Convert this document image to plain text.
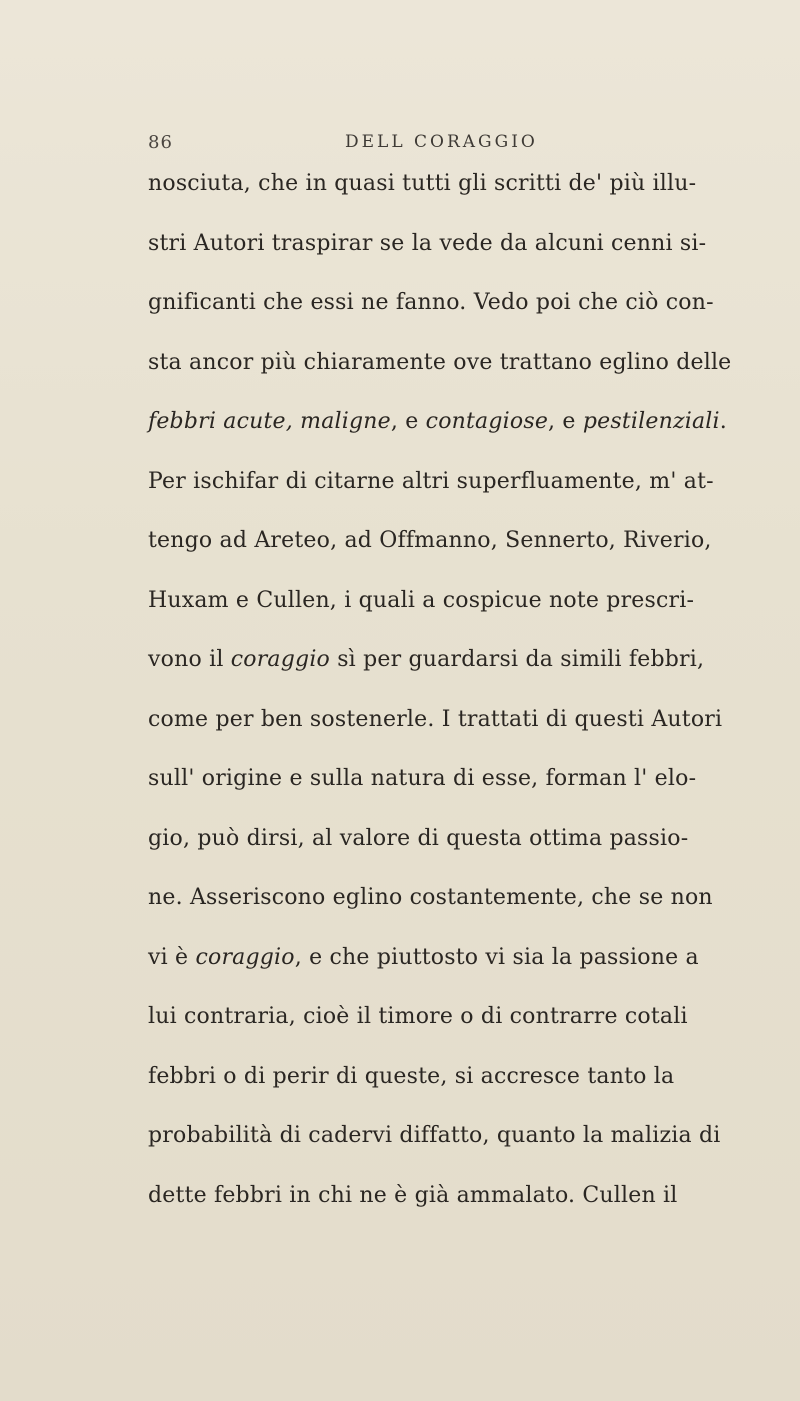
86	DELL CORAGGIO
nosciuta, che in quasi tutti gli scritti de' più illu-
stri Autori traspirar se la vede da alcuni cenni si-
gnificanti che essi ne fanno. Vedo poi che ciò con-
sta ancor più chiaramente ove trattano eglino delle
febbri acute, maligne, e contagiose, e pestilenziali.
Per ischifar di citarne altri superfluamente, m' at-
tengo ad Areteo, ad Offmanno, Sennerto, Riverio,
Huxam e Cullen, i quali a cospicue note prescri-
vono il coraggio sì per guardarsi da simili febbri,
come per ben sostenerle. I trattati di questi Autori
sull' origine e sulla natura di esse, forman l' elo-
gio, può dirsi, al valore di questa ottima passio-
ne. Asseriscono eglino costantemente, che se non
vi è coraggio, e che piuttosto vi sia la passione a
lui contraria, cioè il timore o di contrarre cotali
febbri o di perir di queste, si accresce tanto la
probabilità di cadervi diffatto, quanto la malizia di
dette febbri in chi ne è già ammalato. Cullen il
